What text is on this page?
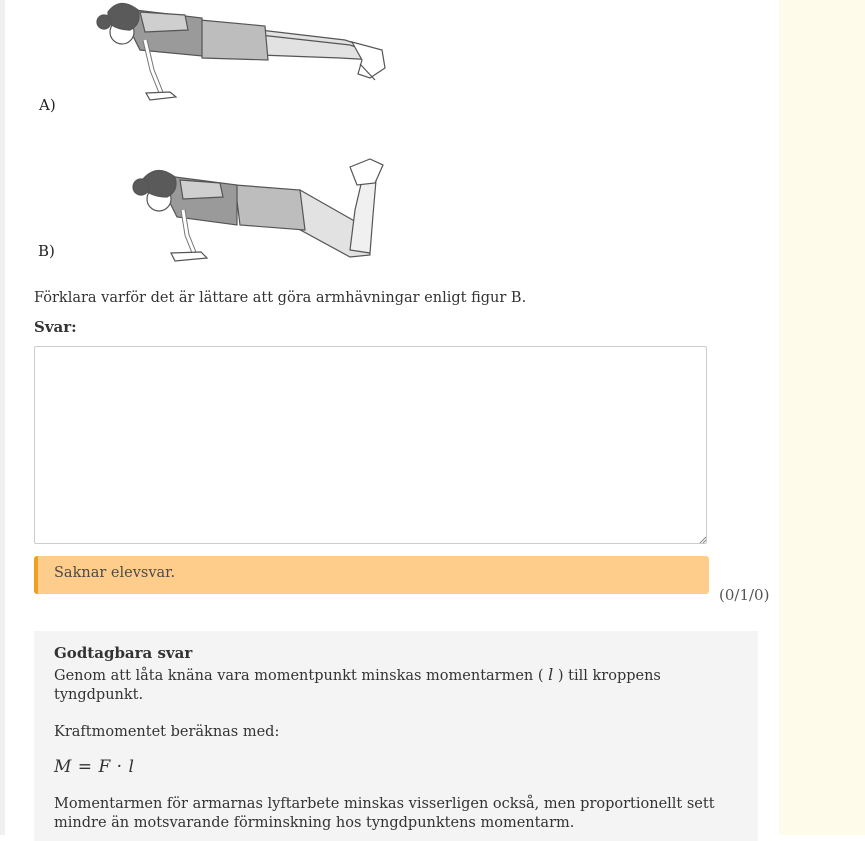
A)
B)
Förklara varför det är lättare att göra armhävningar enligt figur B.
Svar:
Saknar elevsvar.
(0/1/0)
Godtagbara svar

Genom att låta knäna vara momentpunkt minskas momentarmen ( l ) till kroppens tyngdpunkt.

Kraftmomentet beräknas med:

M = F · l

Momentarmen för armarnas lyftarbete minskas visserligen också, men proportionellt sett mindre än motsvarande förminskning hos tyngdpunktens momentarm.
